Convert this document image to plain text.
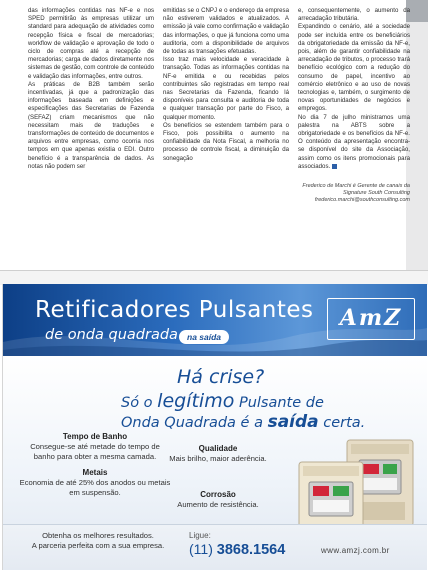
das informações contidas nas NF-e e nos SPED permitirão às empresas utilizar um standard para adequação de atividades como recepção física e fiscal de mercadorias; workflow de validação e aprovação de todo o ciclo de compras até a recepção de mercadorias; carga de dados diretamente nos sistemas de gestão, com controle de conteúdo e validação das informações, entre outros.

As práticas de B2B também serão incentivadas, já que a padronização das informações baseada em definições e especificações das Secretarias de Fazenda (SEFAZ) criam mecanismos que não necessitam mais de traduções e transformações de conteúdo de documentos e arquivos entre empresas, como ocorria nos tempos em que apenas existia o EDI. Outro benefício é a transparência de dados. As notas não podem ser

emitidas se o CNPJ e o endereço da empresa não estiverem validados e atualizados. A emissão já vale como confirmação e validação das informações, o que já funciona como uma auditoria, com a disponibilidade de arquivos de todas as transações efetuadas.

Isso traz mais velocidade e veracidade à transação. Todas as informações contidas na NF-e emitida e ou recebidas pelos contribuintes são registradas em tempo real nas Secretarias da Fazenda, ficando lá disponíveis para consulta e auditoria de toda e qualquer transação por parte do Fisco, a qualquer momento.

Os benefícios se estendem também para o Fisco, pois possibilita o aumento na confiabilidade da Nota Fiscal, a melhoria no processo de controle fiscal, a diminuição da sonegação

e, consequentemente, o aumento da arrecadação tributária.

Expandindo o cenário, até a sociedade pode ser incluída entre os beneficiários da obrigatoriedade da emissão da NF-e, pois, além de garantir confiabilidade na arrecadação de tributos, o processo trará benefício ecológico com a redução do consumo de papel, incentivo ao comércio eletrônico e ao uso de novas tecnologias e, também, o surgimento de novas oportunidades de negócios e empregos.

No dia 7 de julho ministramos uma palestra na ABTS sobre a obrigatoriedade e os benefícios da NF-e. O conteúdo da apresentação encontra-se disponível do site da Associação, assim como os itens promocionais para associados.

Frederico de Marchi é Gerente de canais da
Signature South Consulting
frederico.marchi@southconsulting.com
Retificadores Pulsantes
de onda quadrada	na saída
AmZ
Há crise?
Só o legítimo Pulsante de
Onda Quadrada é a saída certa.
Tempo de Banho
Consegue-se até metade do tempo de banho para obter a mesma camada.
Metais
Economia de até 25% dos anodos ou metais em suspensão.
Qualidade
Mais brilho, maior aderência.
Corrosão
Aumento de resistência.
Obtenha os melhores resultados.
A parceria perfeita com a sua empresa.
Ligue:
(11) 3868.1564	www.amzj.com.br
